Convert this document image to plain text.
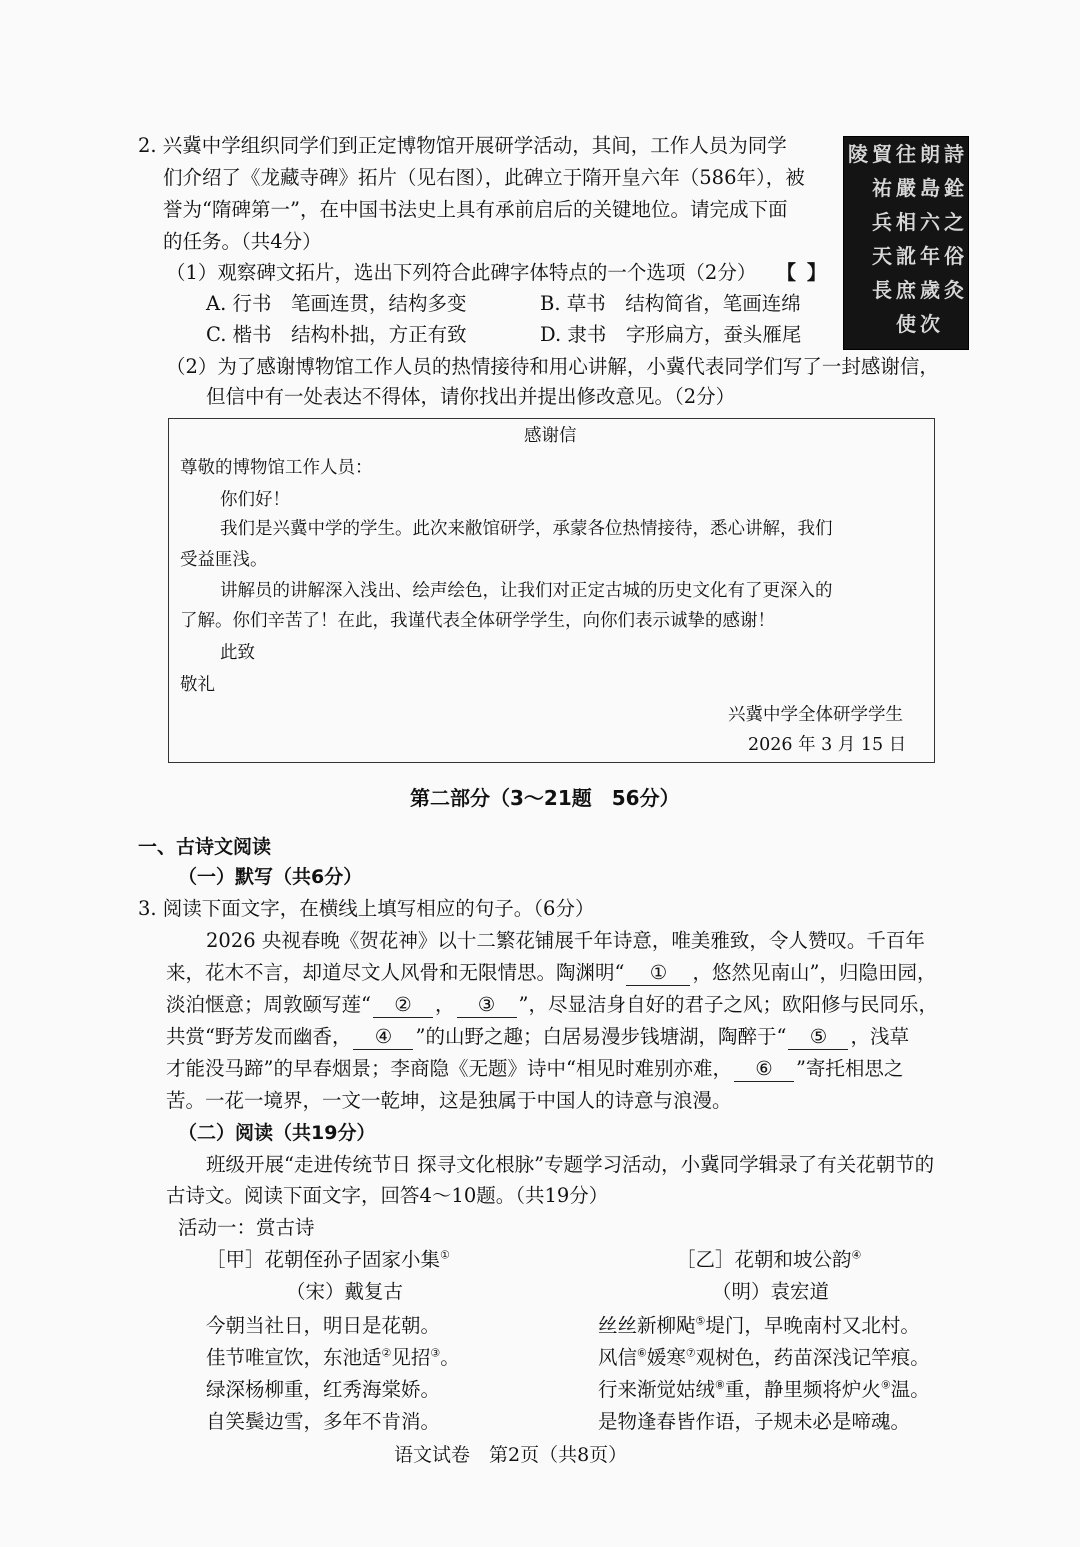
2. 兴冀中学组织同学们到正定博物馆开展研学活动，其间，工作人员为同学
们介绍了《龙藏寺碑》拓片（见右图），此碑立于隋开皇六年（586年），被
誉为“隋碑第一”，在中国书法史上具有承前启后的关键地位。请完成下面
的任务。（共4分）
（1）观察碑文拓片，选出下列符合此碑字体特点的一个选项（2分） 【 】
A. 行书　笔画连贯，结构多变	B. 草书　结构简省，笔画连绵
C. 楷书　结构朴拙，方正有致	D. 隶书　字形扁方，蚕头雁尾
詩
銓
之
俗
灸
朗
島
六
年
歲
次
往
嚴
相
訛
庶
使
貿
祐
兵
天
長
陵
（2）为了感谢博物馆工作人员的热情接待和用心讲解，小冀代表同学们写了一封感谢信，
但信中有一处表达不得体，请你找出并提出修改意见。（2分）
感谢信
尊敬的博物馆工作人员：
你们好！
我们是兴冀中学的学生。此次来敝馆研学，承蒙各位热情接待，悉心讲解，我们
受益匪浅。
讲解员的讲解深入浅出、绘声绘色，让我们对正定古城的历史文化有了更深入的
了解。你们辛苦了！在此，我谨代表全体研学学生，向你们表示诚挚的感谢！
此致
敬礼
兴冀中学全体研学学生
2026 年 3 月 15 日
第二部分（3～21题　56分）
一、古诗文阅读
（一）默写（共6分）
3. 阅读下面文字，在横线上填写相应的句子。（6分）
2026 央视春晚《贺花神》以十二繁花铺展千年诗意，唯美雅致，令人赞叹。千百年
来，花木不言，却道尽文人风骨和无限情思。陶渊明“ ① ，悠然见南山”，归隐田园，
淡泊惬意；周敦颐写莲“ ② ， ③ ”，尽显洁身自好的君子之风；欧阳修与民同乐，
共赏“野芳发而幽香， ④ ”的山野之趣；白居易漫步钱塘湖，陶醉于“ ⑤ ，浅草
才能没马蹄”的早春烟景；李商隐《无题》诗中“相见时难别亦难， ⑥ ”寄托相思之
苦。一花一境界，一文一乾坤，这是独属于中国人的诗意与浪漫。
（二）阅读（共19分）
班级开展“走进传统节日 探寻文化根脉”专题学习活动，小冀同学辑录了有关花朝节的
古诗文。阅读下面文字，回答4～10题。（共19分）
活动一：赏古诗
［甲］花朝侄孙子固家小集①
（宋）戴复古
今朝当社日，明日是花朝。
佳节唯宣饮，东池适②见招③。
绿深杨柳重，红秀海棠娇。
自笑鬓边雪，多年不肯消。
［乙］花朝和坡公韵④
（明）袁宏道
丝丝新柳飐⑤堤门，早晚南村又北村。
风信⑥媛寒⑦观树色，药苗深浅记竿痕。
行来渐觉姑绒⑧重，静里频将炉火⑨温。
是物逢春皆作语，子规未必是啼魂。
语文试卷　第2页（共8页）
